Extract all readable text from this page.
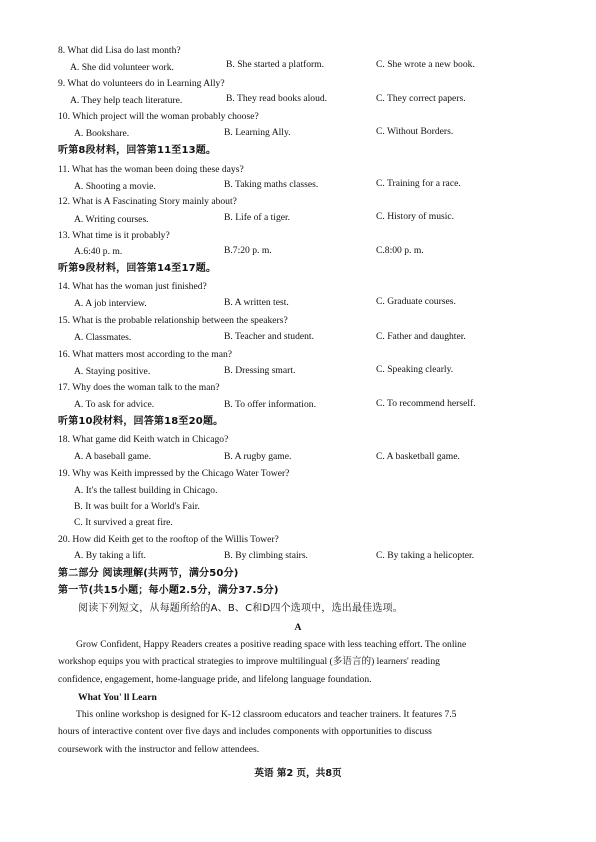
8. What did Lisa do last month?
A. She did volunteer work.	B. She started a platform.	C. She wrote a new book.
9. What do volunteers do in Learning Ally?
A. They help teach literature.	B. They read books aloud.	C. They correct papers.
10. Which project will the woman probably choose?
A. Bookshare.	B. Learning Ally.	C. Without Borders.
听第8段材料，回答第11至13题。
11. What has the woman been doing these days?
A. Shooting a movie.	B. Taking maths classes.	C. Training for a race.
12. What is A Fascinating Story mainly about?
A. Writing courses.	B. Life of a tiger.	C. History of music.
13. What time is it probably?
A.6:40 p. m.	B.7:20 p. m.	C.8:00 p. m.
听第9段材料，回答第14至17题。
14. What has the woman just finished?
A. A job interview.	B. A written test.	C. Graduate courses.
15. What is the probable relationship between the speakers?
A. Classmates.	B. Teacher and student.	C. Father and daughter.
16. What matters most according to the man?
A. Staying positive.	B. Dressing smart.	C. Speaking clearly.
17. Why does the woman talk to the man?
A. To ask for advice.	B. To offer information.	C. To recommend herself.
听第10段材料，回答第18至20题。
18. What game did Keith watch in Chicago?
A. A baseball game.	B. A rugby game.	C. A basketball game.
19. Why was Keith impressed by the Chicago Water Tower?
A. It's the tallest building in Chicago.
B. It was built for a World's Fair.
C. It survived a great fire.
20. How did Keith get to the rooftop of the Willis Tower?
A. By taking a lift.	B. By climbing stairs.	C. By taking a helicopter.
第二部分 阅读理解(共两节，满分50分)
第一节(共15小题；每小题2.5分，满分37.5分)
阅读下列短文，从每题所给的A、B、C和D四个选项中，选出最佳选项。
A
Grow Confident, Happy Readers creates a positive reading space with less teaching effort. The online
workshop equips you with practical strategies to improve multilingual (多语言的) learners' reading
confidence, engagement, home-language pride, and lifelong language foundation.
What You' ll Learn
This online workshop is designed for K-12 classroom educators and teacher trainers. It features 7.5
hours of interactive content over five days and includes components with opportunities to discuss
coursework with the instructor and fellow attendees.
英语 第2 页，共8页
